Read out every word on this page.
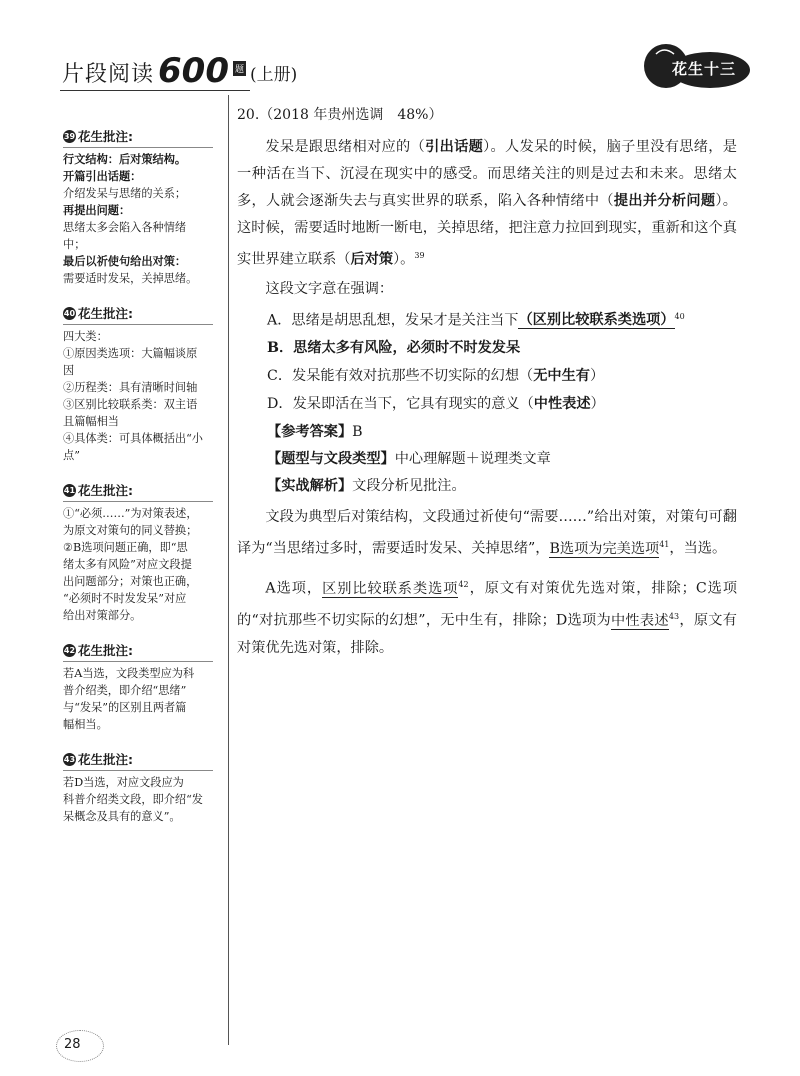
片段阅读 600 题 (上册)	花生十三
39 花生批注:
行文结构：后对策结构。
开篇引出话题：
介绍发呆与思绪的关系；
再提出问题：
思绪太多会陷入各种情绪
中；
最后以祈使句给出对策：
需要适时发呆，关掉思绪。
40 花生批注:
四大类：
①原因类选项：大篇幅谈原
因
②历程类：具有清晰时间轴
③区别比较联系类：双主语
且篇幅相当
④具体类：可具体概括出“小
点”
41 花生批注:
①“必须……”为对策表述，
为原文对策句的同义替换；
②B选项问题正确，即“思
绪太多有风险”对应文段提
出问题部分；对策也正确，
“必须时不时发发呆”对应
给出对策部分。
42 花生批注:
若A当选，文段类型应为科
普介绍类，即介绍“思绪”
与“发呆”的区别且两者篇
幅相当。
43 花生批注:
若D当选，对应文段应为
科普介绍类文段，即介绍“发
呆概念及具有的意义”。
20.（2018 年贵州选调　48%）

发呆是跟思绪相对应的（引出话题）。人发呆的时候，脑子里没有思绪，是一种活在当下、沉浸在现实中的感受。而思绪关注的则是过去和未来。思绪太多，人就会逐渐失去与真实世界的联系，陷入各种情绪中（提出并分析问题）。这时候，需要适时地断一断电，关掉思绪，把注意力拉回到现实，重新和这个真实世界建立联系（后对策）。$^{39}$

这段文字意在强调：

A．思绪是胡思乱想，发呆才是关注当下（区别比较联系类选项）$^{40}$

B．思绪太多有风险，必须时不时发发呆

C．发呆能有效对抗那些不切实际的幻想（无中生有）

D．发呆即活在当下，它具有现实的意义（中性表述）

【参考答案】B

【题型与文段类型】中心理解题＋说理类文章

【实战解析】文段分析见批注。

文段为典型后对策结构，文段通过祈使句“需要……”给出对策，对策句可翻译为“当思绪过多时，需要适时发呆、关掉思绪”，B选项为完美选项$^{41}$，当选。

A选项，区别比较联系类选项$^{42}$，原文有对策优先选对策，排除；C选项的“对抗那些不切实际的幻想”，无中生有，排除；D选项为中性表述$^{43}$，原文有对策优先选对策，排除。

28
